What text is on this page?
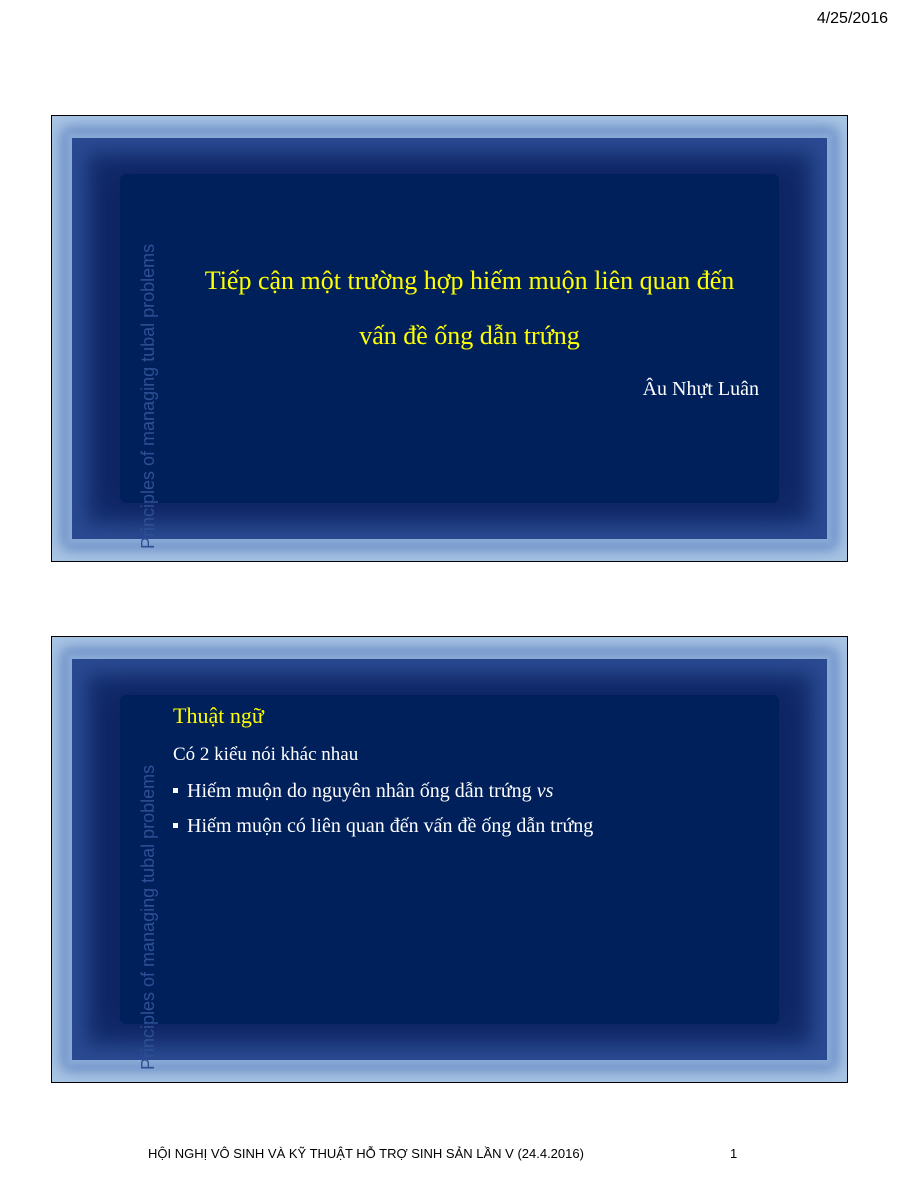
4/25/2016
Principles of managing tubal problems	Tiếp cận một trường hợp hiếm muộn liên quan đến
vấn đề ống dẫn trứng
Âu Nhựt Luân
Principles of managing tubal problems
Thuật ngữ
Có 2 kiểu nói khác nhau
Hiếm muộn do nguyên nhân ống dẫn trứng vs
Hiếm muộn có liên quan đến vấn đề ống dẫn trứng
HỘI NGHỊ VÔ SINH VÀ KỸ THUẬT HỖ TRỢ SINH SẢN LẦN V (24.4.2016)	1
